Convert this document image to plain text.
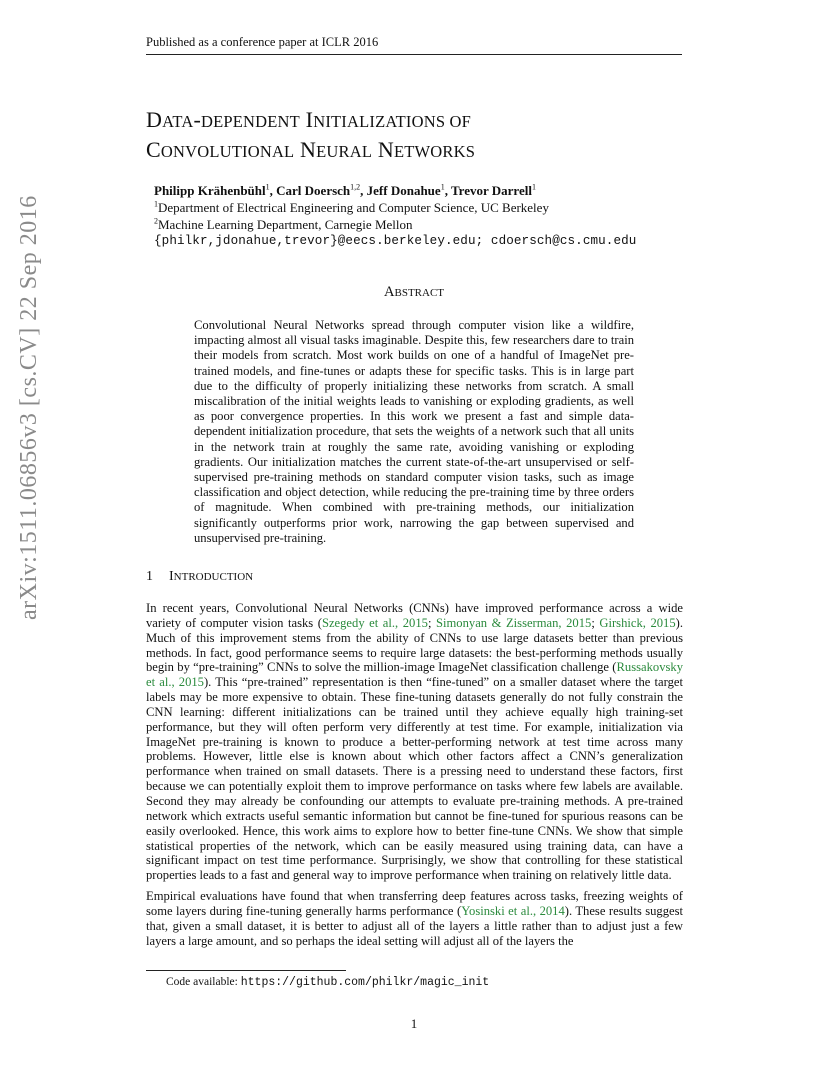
Published as a conference paper at ICLR 2016
DATA-DEPENDENT INITIALIZATIONS OF
CONVOLUTIONAL NEURAL NETWORKS
Philipp Krähenbühl$^1$, Carl Doersch$^{1,2}$, Jeff Donahue$^1$, Trevor Darrell$^1$
$^1$Department of Electrical Engineering and Computer Science, UC Berkeley
$^2$Machine Learning Department, Carnegie Mellon
{philkr,jdonahue,trevor}@eecs.berkeley.edu; cdoersch@cs.cmu.edu
arXiv:1511.06856v3 [cs.CV] 22 Sep 2016	ABSTRACT
Convolutional Neural Networks spread through computer vision like a wildfire, impacting almost all visual tasks imaginable. Despite this, few researchers dare to train their models from scratch. Most work builds on one of a handful of ImageNet pre-trained models, and fine-tunes or adapts these for specific tasks. This is in large part due to the difficulty of properly initializing these networks from scratch. A small miscalibration of the initial weights leads to vanishing or exploding gradients, as well as poor convergence properties. In this work we present a fast and simple data-dependent initialization procedure, that sets the weights of a network such that all units in the network train at roughly the same rate, avoiding vanishing or exploding gradients. Our initialization matches the current state-of-the-art unsupervised or self-supervised pre-training methods on standard computer vision tasks, such as image classification and object detection, while reducing the pre-training time by three orders of magnitude. When combined with pre-training methods, our initialization significantly outperforms prior work, narrowing the gap between supervised and unsupervised pre-training.
1 INTRODUCTION

In recent years, Convolutional Neural Networks (CNNs) have improved performance across a wide variety of computer vision tasks (Szegedy et al., 2015; Simonyan & Zisserman, 2015; Girshick, 2015). Much of this improvement stems from the ability of CNNs to use large datasets better than previous methods. In fact, good performance seems to require large datasets: the best-performing methods usually begin by “pre-training” CNNs to solve the million-image ImageNet classification challenge (Russakovsky et al., 2015). This “pre-trained” representation is then “fine-tuned” on a smaller dataset where the target labels may be more expensive to obtain. These fine-tuning datasets generally do not fully constrain the CNN learning: different initializations can be trained until they achieve equally high training-set performance, but they will often perform very differently at test time. For example, initialization via ImageNet pre-training is known to produce a better-performing network at test time across many problems. However, little else is known about which other factors affect a CNN’s generalization performance when trained on small datasets. There is a pressing need to understand these factors, first because we can potentially exploit them to improve performance on tasks where few labels are available. Second they may already be confounding our attempts to evaluate pre-training methods. A pre-trained network which extracts useful semantic information but cannot be fine-tuned for spurious reasons can be easily overlooked. Hence, this work aims to explore how to better fine-tune CNNs. We show that simple statistical properties of the network, which can be easily measured using training data, can have a significant impact on test time performance. Surprisingly, we show that controlling for these statistical properties leads to a fast and general way to improve performance when training on relatively little data.

Empirical evaluations have found that when transferring deep features across tasks, freezing weights of some layers during fine-tuning generally harms performance (Yosinski et al., 2014). These results suggest that, given a small dataset, it is better to adjust all of the layers a little rather than to adjust just a few layers a large amount, and so perhaps the ideal setting will adjust all of the layers the

Code available: https://github.com/philkr/magic_init
1
